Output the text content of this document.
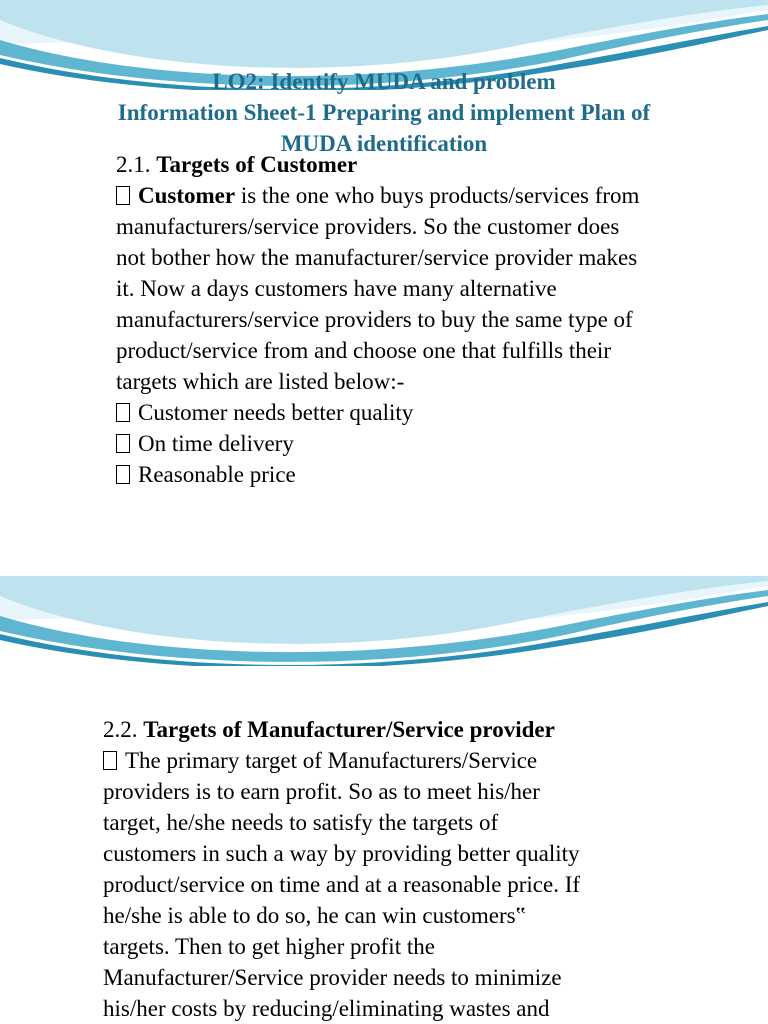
LO2: Identify MUDA and problem
Information Sheet-1 Preparing and implement Plan of
MUDA identification
2.1. Targets of Customer
Customer is the one who buys products/services from
manufacturers/service providers. So the customer does
not bother how the manufacturer/service provider makes
it. Now a days customers have many alternative
manufacturers/service providers to buy the same type of
product/service from and choose one that fulfills their
targets which are listed below:-
Customer needs better quality
On time delivery
Reasonable price
2.2. Targets of Manufacturer/Service provider
The primary target of Manufacturers/Service
providers is to earn profit. So as to meet his/her
target, he/she needs to satisfy the targets of
customers in such a way by providing better quality
product/service on time and at a reasonable price. If
he/she is able to do so, he can win customers‟
targets. Then to get higher profit the
Manufacturer/Service provider needs to minimize
his/her costs by reducing/eliminating wastes and
